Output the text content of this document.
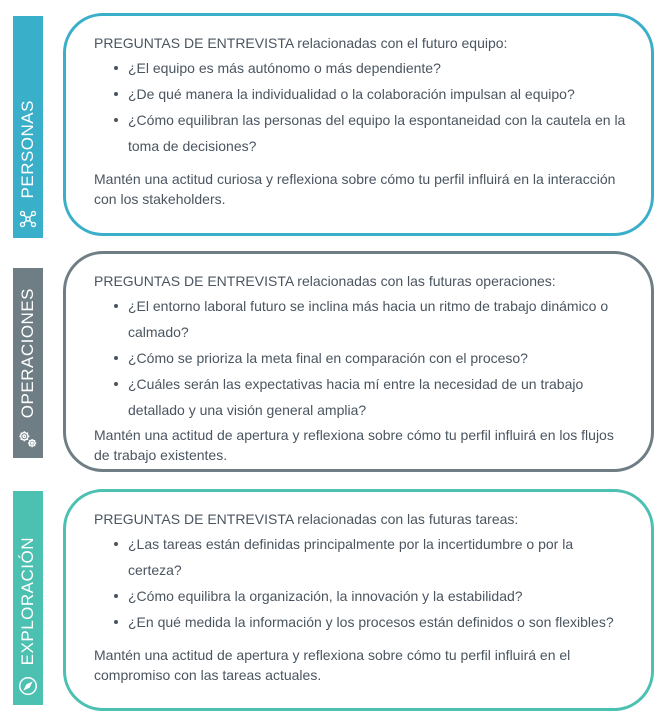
PERSONAS

PREGUNTAS DE ENTREVISTA relacionadas con el futuro equipo:

¿El equipo es más autónomo o más dependiente?
¿De qué manera la individualidad o la colaboración impulsan al equipo?
¿Cómo equilibran las personas del equipo la espontaneidad con la cautela en la toma de decisiones?

Mantén una actitud curiosa y reflexiona sobre cómo tu perfil influirá en la interacción con los stakeholders.

OPERACIONES

PREGUNTAS DE ENTREVISTA relacionadas con las futuras operaciones:

¿El entorno laboral futuro se inclina más hacia un ritmo de trabajo dinámico o calmado?
¿Cómo se prioriza la meta final en comparación con el proceso?
¿Cuáles serán las expectativas hacia mí entre la necesidad de un trabajo detallado y una visión general amplia?

Mantén una actitud de apertura y reflexiona sobre cómo tu perfil influirá en los flujos de trabajo existentes.

EXPLORACIÓN

PREGUNTAS DE ENTREVISTA relacionadas con las futuras tareas:

¿Las tareas están definidas principalmente por la incertidumbre o por la certeza?
¿Cómo equilibra la organización, la innovación y la estabilidad?
¿En qué medida la información y los procesos están definidos o son flexibles?

Mantén una actitud de apertura y reflexiona sobre cómo tu perfil influirá en el compromiso con las tareas actuales.
